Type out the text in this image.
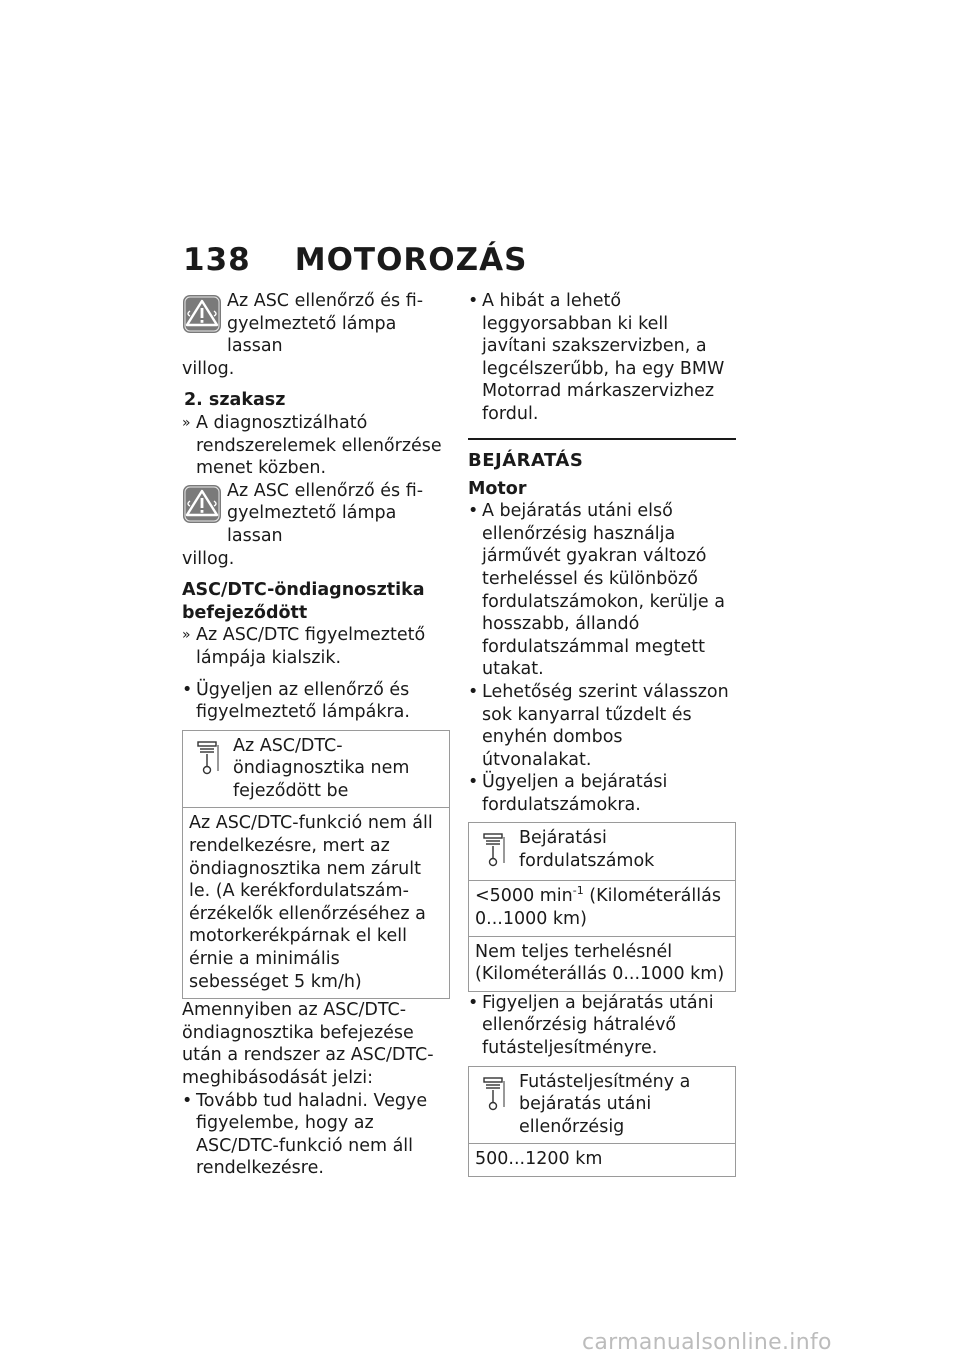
138 MOTOROZÁS
Az ASC ellenőrző és fi-
gyelmeztető lámpa lassan
villog.
2. szakasz
» A diagnosztizálható rendszerelemek ellenőrzése menet közben.
Az ASC ellenőrző és fi-
gyelmeztető lámpa lassan
villog.
ASC/DTC-öndiagnosztika befejeződött
» Az ASC/DTC figyelmeztető lámpája kialszik.
• Ügyeljen az ellenőrző és figyelmeztető lámpákra.
Az ASC/DTC-öndiagnosztika nem fejeződött be

Az ASC/DTC-funkció nem áll rendelkezésre, mert az öndiagnosztika nem zárult le. (A kerékfordulatszám-érzékelők ellenőrzéséhez a motorkerékpárnak el kell érnie a minimális sebességet 5 km/h)

Amennyiben az ASC/DTC-öndiagnosztika befejezése után a rendszer az ASC/DTC-meghibásodását jelzi:

• Tovább tud haladni. Vegye figyelembe, hogy az ASC/DTC-funkció nem áll rendelkezésre.
• A hibát a lehető leggyorsabban ki kell javítani szakszervizben, a legcélszerűbb, ha egy BMW Motorrad márkaszervizhez fordul.
BEJÁRATÁS
Motor
• A bejáratás utáni első ellenőrzésig használja járművét gyakran változó terheléssel és különböző fordulatszámokon, kerülje a hosszabb, állandó fordulatszámmal megtett utakat.
• Lehetőség szerint válasszon sok kanyarral tűzdelt és enyhén dombos útvonalakat.
• Ügyeljen a bejáratási fordulatszámokra.
Bejáratási fordulatszámok

<5000 $\min^{-1}$ (Kilométerállás 0...1000 km)
Nem teljes terhelésnél (Kilométerállás 0...1000 km)
• Figyeljen a bejáratás utáni ellenőrzésig hátralévő futásteljesítményre.
Futásteljesítmény a bejáratás utáni ellenőrzésig

500...1200 km
carmanualsonline.info
